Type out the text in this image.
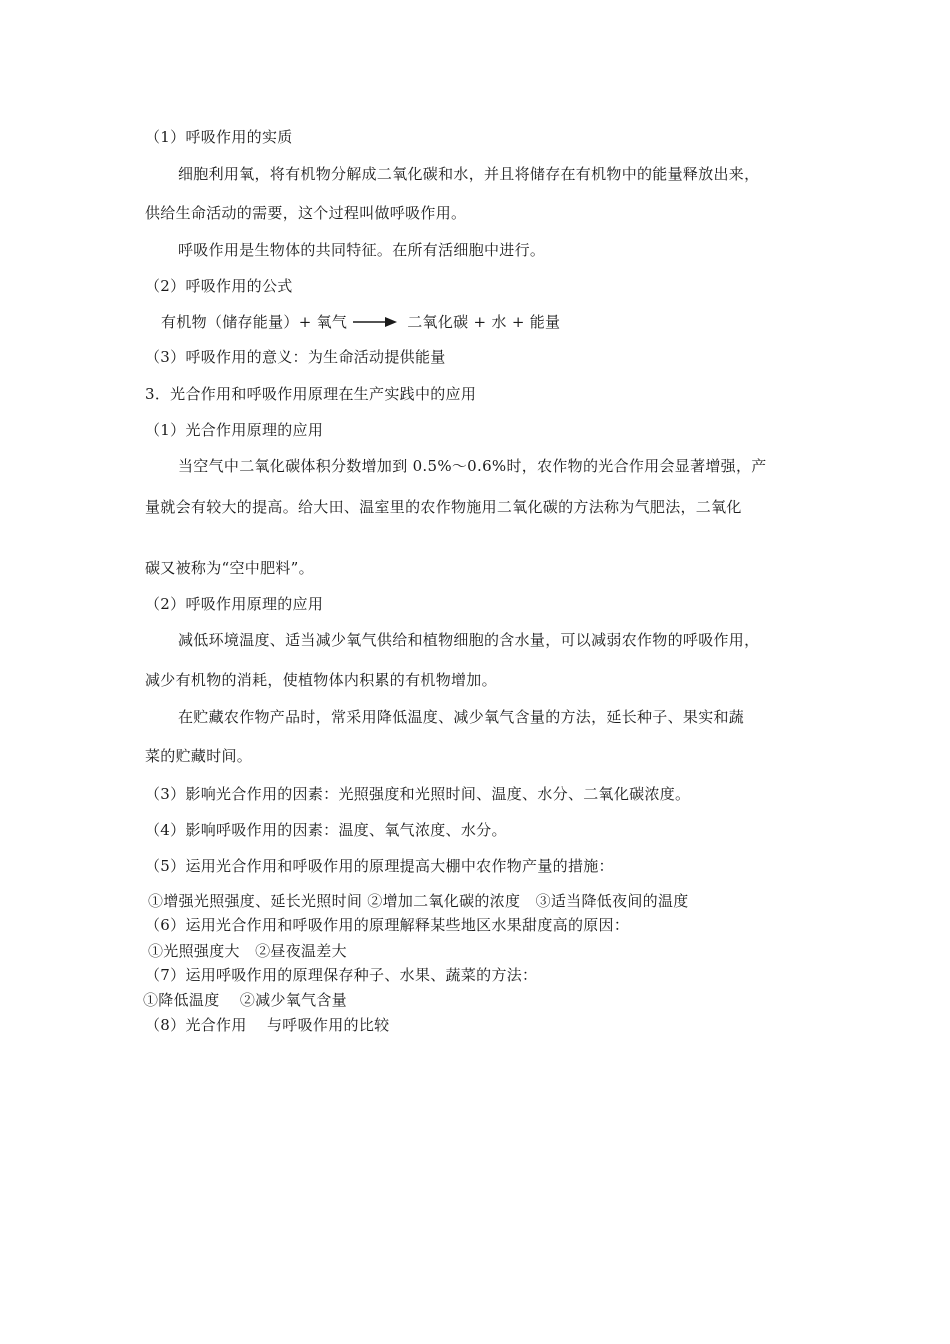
（1）呼吸作用的实质
细胞利用氧，将有机物分解成二氧化碳和水，并且将储存在有机物中的能量释放出来，
供给生命活动的需要，这个过程叫做呼吸作用。
呼吸作用是生物体的共同特征。在所有活细胞中进行。
（2）呼吸作用的公式
有机物（储存能量）+ 氧气	二氧化碳 + 水 + 能量
（3）呼吸作用的意义：为生命活动提供能量
3．光合作用和呼吸作用原理在生产实践中的应用
（1）光合作用原理的应用
当空气中二氧化碳体积分数增加到 0.5%～0.6%时，农作物的光合作用会显著增强，产
量就会有较大的提高。给大田、温室里的农作物施用二氧化碳的方法称为气肥法，二氧化
碳又被称为“空中肥料”。
（2）呼吸作用原理的应用
减低环境温度、适当减少氧气供给和植物细胞的含水量，可以减弱农作物的呼吸作用，
减少有机物的消耗，使植物体内积累的有机物增加。
在贮藏农作物产品时，常采用降低温度、减少氧气含量的方法，延长种子、果实和蔬
菜的贮藏时间。
（3）影响光合作用的因素：光照强度和光照时间、温度、水分、二氧化碳浓度。
（4）影响呼吸作用的因素：温度、氧气浓度、水分。
（5）运用光合作用和呼吸作用的原理提高大棚中农作物产量的措施：
①增强光照强度、延长光照时间 ②增加二氧化碳的浓度　③适当降低夜间的温度
（6）运用光合作用和呼吸作用的原理解释某些地区水果甜度高的原因：
①光照强度大　②昼夜温差大
（7）运用呼吸作用的原理保存种子、水果、蔬菜的方法：
①降低温度　 ②减少氧气含量
（8）光合作用　 与呼吸作用的比较
